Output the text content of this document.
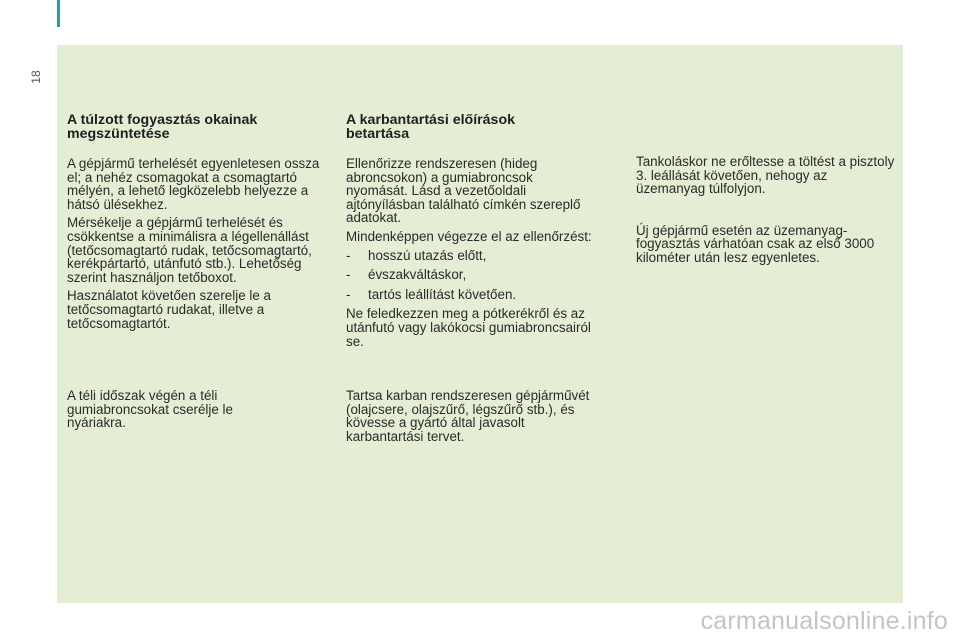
18
A túlzott fogyasztás okainak megszüntetése

A gépjármű terhelését egyenletesen ossza el; a nehéz csomagokat a csomagtartó mélyén, a lehető legközelebb helyezze a hátsó ülésekhez.

Mérsékelje a gépjármű terhelését és csökkentse a minimálisra a légellenállást (tetőcsomagtartó rudak, tetőcsomagtartó, kerékpártartó, utánfutó stb.). Lehetőség szerint használjon tetőboxot.

Használatot követően szerelje le a tetőcsomagtartó rudakat, illetve a tetőcsomagtartót.

A téli időszak végén a téli gumiabroncsokat cserélje le nyáriakra.

A karbantartási előírások betartása

Ellenőrizze rendszeresen (hideg abroncsokon) a gumiabroncsok nyomását. Lásd a vezetőoldali ajtónyílásban található címkén szereplő adatokat.

Mindenképpen végezze el az ellenőrzést:

- hosszú utazás előtt,
- évszakváltáskor,
- tartós leállítást követően.

Ne feledkezzen meg a pótkerékről és az utánfutó vagy lakókocsi gumiabroncsairól se.

Tartsa karban rendszeresen gépjárművét (olajcsere, olajszűrő, légszűrő stb.), és kövesse a gyártó által javasolt karbantartási tervet.

Tankoláskor ne erőltesse a töltést a pisztoly 3. leállását követően, nehogy az üzemanyag túlfolyjon.

Új gépjármű esetén az üzemanyag-fogyasztás várhatóan csak az első 3000 kilométer után lesz egyenletes.

carmanualsonline.info
